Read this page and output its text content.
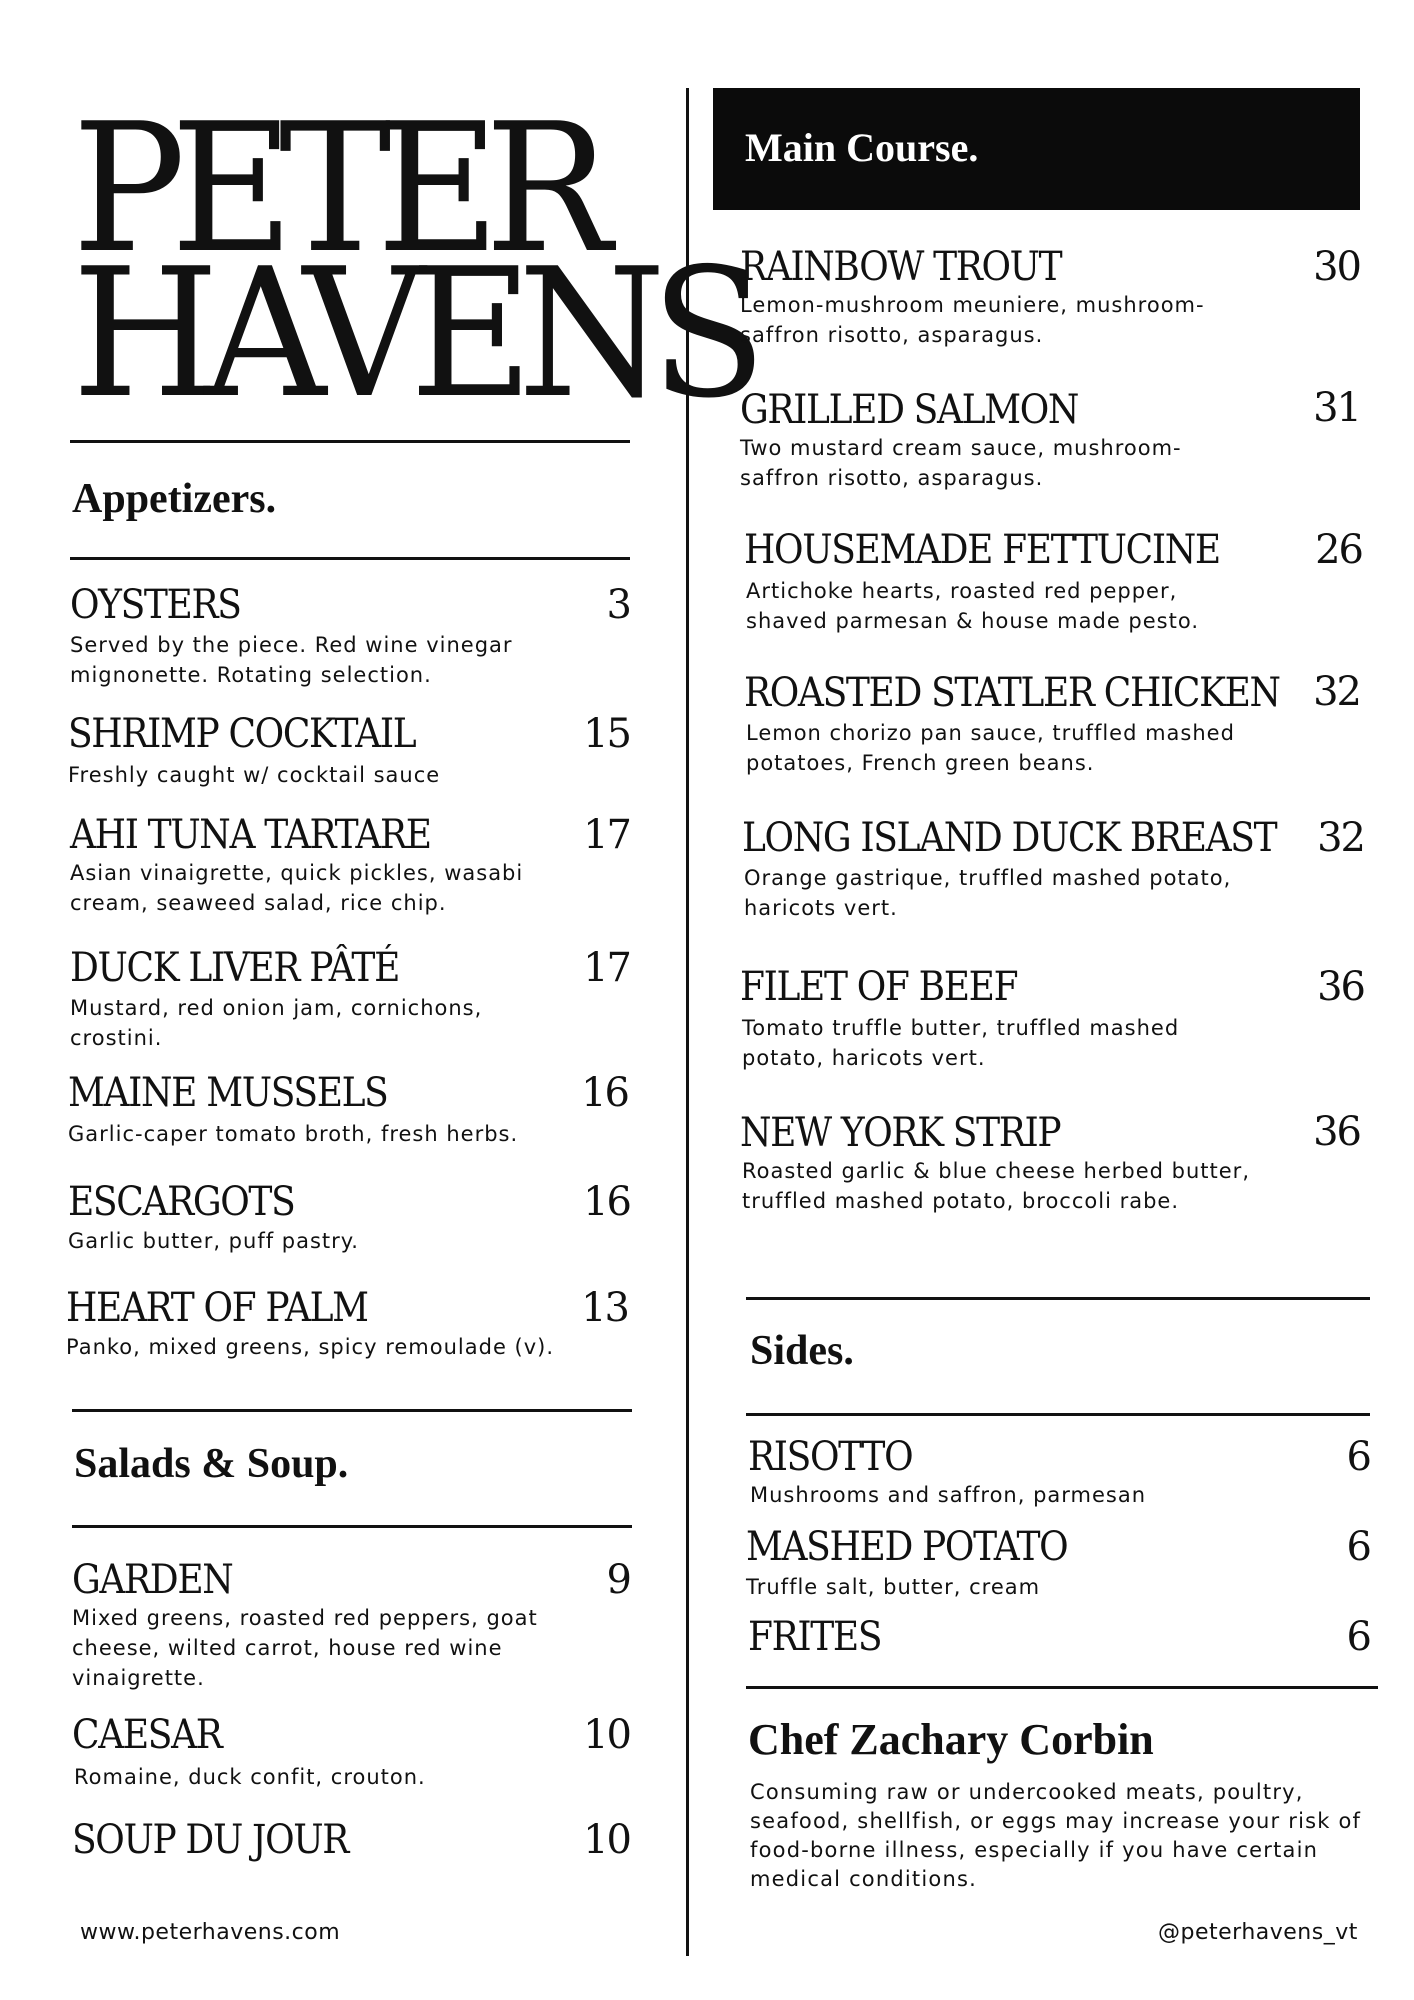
PETER
HAVENS
Appetizers.
OYSTERS	3
Served by the piece. Red wine vinegar mignonette. Rotating selection.
SHRIMP COCKTAIL	15
Freshly caught w/ cocktail sauce
AHI TUNA TARTARE	17
Asian vinaigrette, quick pickles, wasabi cream, seaweed salad, rice chip.
DUCK LIVER PÂTÉ	17
Mustard, red onion jam, cornichons, crostini.
MAINE MUSSELS	16
Garlic-caper tomato broth, fresh herbs.
ESCARGOTS	16
Garlic butter, puff pastry.
HEART OF PALM	13
Panko, mixed greens, spicy remoulade (v).
Salads & Soup.
GARDEN	9
Mixed greens, roasted red peppers, goat cheese, wilted carrot, house red wine vinaigrette.
CAESAR	10
Romaine, duck confit, crouton.
SOUP DU JOUR	10
Main Course.
RAINBOW TROUT	30
Lemon-mushroom meuniere, mushroom-saffron risotto, asparagus.
GRILLED SALMON	31
Two mustard cream sauce, mushroom-saffron risotto, asparagus.
HOUSEMADE FETTUCINE	26
Artichoke hearts, roasted red pepper, shaved parmesan & house made pesto.
ROASTED STATLER CHICKEN 32
Lemon chorizo pan sauce, truffled mashed potatoes, French green beans.
LONG ISLAND DUCK BREAST	32
Orange gastrique, truffled mashed potato, haricots vert.
FILET OF BEEF	36
Tomato truffle butter, truffled mashed potato, haricots vert.
NEW YORK STRIP	36
Roasted garlic & blue cheese herbed butter, truffled mashed potato, broccoli rabe.
Sides.
RISOTTO	6
Mushrooms and saffron, parmesan
MASHED POTATO	6
Truffle salt, butter, cream
FRITES	6
Chef Zachary Corbin
Consuming raw or undercooked meats, poultry, seafood, shellfish, or eggs may increase your risk of food-borne illness, especially if you have certain medical conditions.
www.peterhavens.com	@peterhavens_vt
